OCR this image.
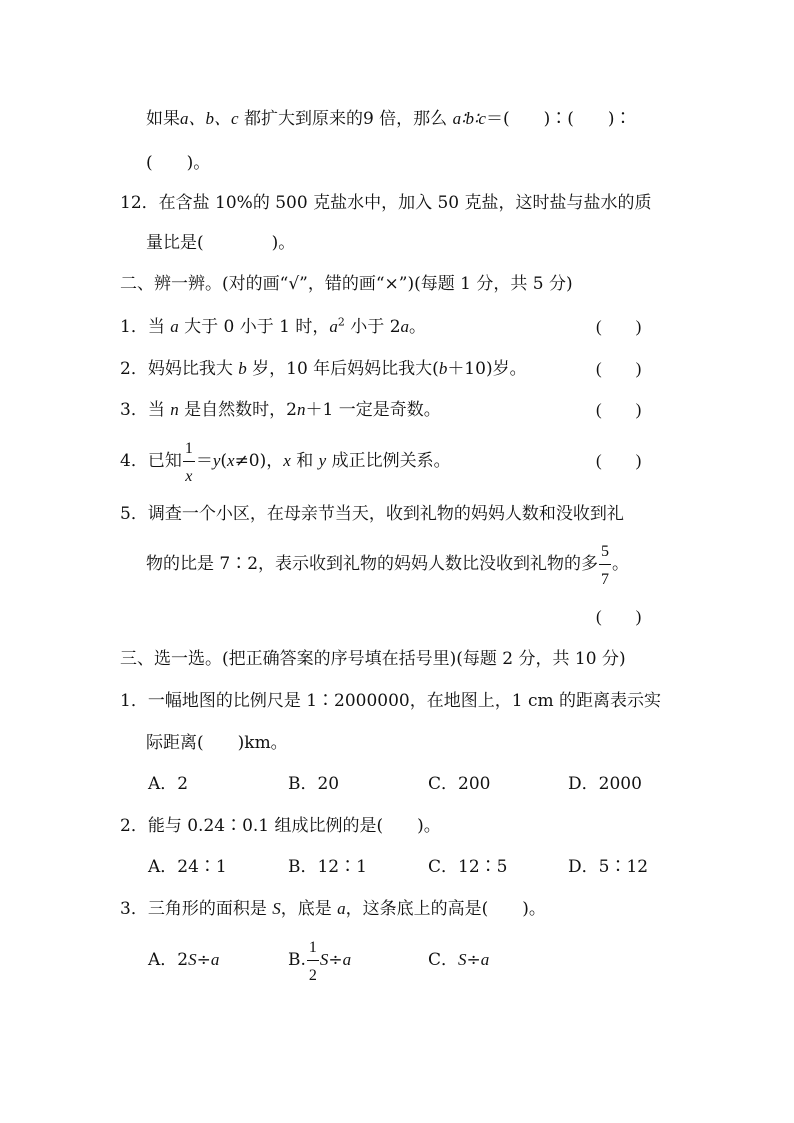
如果a、b、c 都扩大到原来的9 倍，那么 a∶b∶c＝(　　)∶(　　)∶
(　　)。
12．在含盐 10%的 500 克盐水中，加入 50 克盐，这时盐与盐水的质
量比是(　　　　)。
二、辨一辨。(对的画“√”，错的画“×”)(每题 1 分，共 5 分)
1．当 a 大于 0 小于 1 时，$a^2$ 小于 2a。	(　　)
2．妈妈比我大 b 岁，10 年后妈妈比我大(b＋10)岁。	(　　)
3．当 n 是自然数时，2n＋1 一定是奇数。	(　　)
4．已知 $\frac{1}{x} =y(x\ne 0)$，x 和 y 成正比例关系。	(　　)
5．调查一个小区，在母亲节当天，收到礼物的妈妈人数和没收到礼
物的比是 7∶2，表示收到礼物的妈妈人数比没收到礼物的多 $\frac{5}{7}$ 。
(　　)
三、选一选。(把正确答案的序号填在括号里)(每题 2 分，共 10 分)
1．一幅地图的比例尺是 1∶2000000，在地图上，1 cm 的距离表示实
际距离(　　)km。
A．2	B．20	C．200	D．2000
2．能与 0.24∶0.1 组成比例的是(　　)。
A．24∶1	B．12∶1	C．12∶5	D．5∶12
3．三角形的面积是 S，底是 a，这条底上的高是(　　)。
A．2S÷a	B. $\frac{1}{2} S\div a$	C．S÷a
